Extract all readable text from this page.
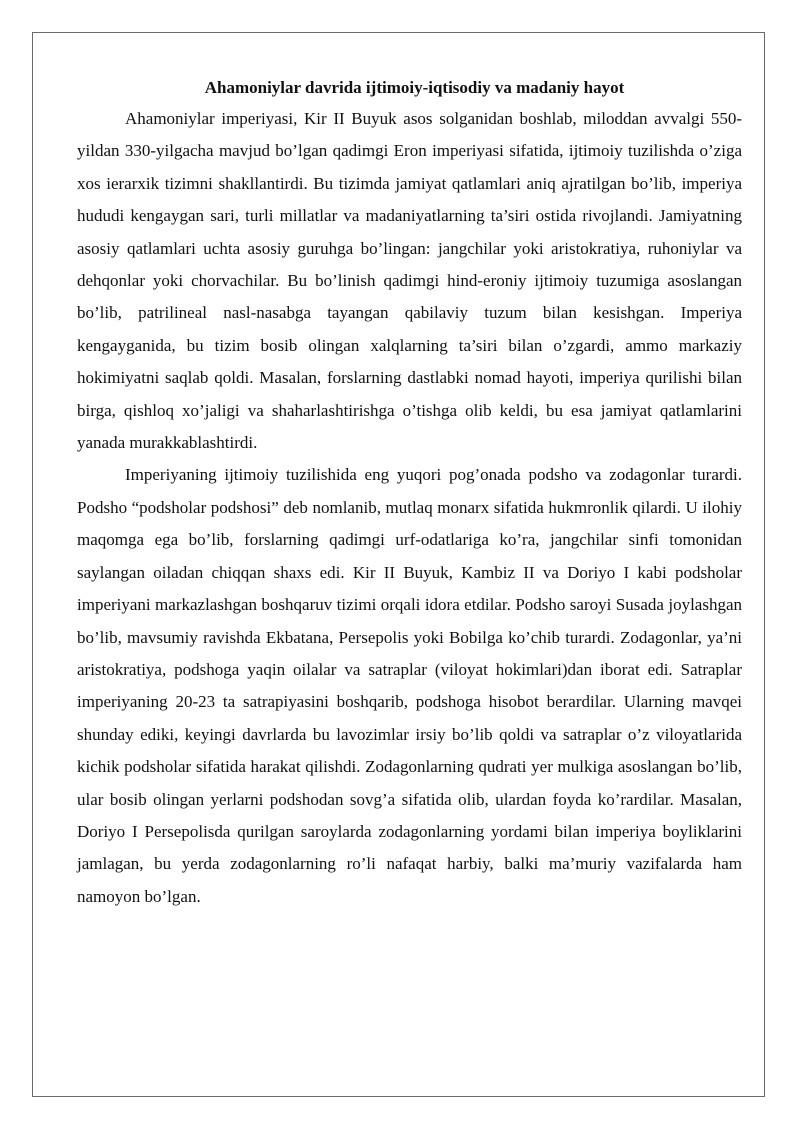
Ahamoniylar davrida ijtimoiy-iqtisodiy va madaniy hayot

Ahamoniylar imperiyasi, Kir II Buyuk asos solganidan boshlab, miloddan avvalgi 550-yildan 330-yilgacha mavjud bo’lgan qadimgi Eron imperiyasi sifatida, ijtimoiy tuzilishda o’ziga xos ierarxik tizimni shakllantirdi. Bu tizimda jamiyat qatlamlari aniq ajratilgan bo’lib, imperiya hududi kengaygan sari, turli millatlar va madaniyatlarning ta’siri ostida rivojlandi. Jamiyatning asosiy qatlamlari uchta asosiy guruhga bo’lingan: jangchilar yoki aristokratiya, ruhoniylar va dehqonlar yoki chorvachilar. Bu bo’linish qadimgi hind-eroniy ijtimoiy tuzumiga asoslangan bo’lib, patrilineal nasl-nasabga tayangan qabilaviy tuzum bilan kesishgan. Imperiya kengayganida, bu tizim bosib olingan xalqlarning ta’siri bilan o’zgardi, ammo markaziy hokimiyatni saqlab qoldi. Masalan, forslarning dastlabki nomad hayoti, imperiya qurilishi bilan birga, qishloq xo’jaligi va shaharlashtirishga o’tishga olib keldi, bu esa jamiyat qatlamlarini yanada murakkablashtirdi.

Imperiyaning ijtimoiy tuzilishida eng yuqori pog’onada podsho va zodagonlar turardi. Podsho “podsholar podshosi” deb nomlanib, mutlaq monarx sifatida hukmronlik qilardi. U ilohiy maqomga ega bo’lib, forslarning qadimgi urf-odatlariga ko’ra, jangchilar sinfi tomonidan saylangan oiladan chiqqan shaxs edi. Kir II Buyuk, Kambiz II va Doriyo I kabi podsholar imperiyani markazlashgan boshqaruv tizimi orqali idora etdilar. Podsho saroyi Susada joylashgan bo’lib, mavsumiy ravishda Ekbatana, Persepolis yoki Bobilga ko’chib turardi. Zodagonlar, ya’ni aristokratiya, podshoga yaqin oilalar va satraplar (viloyat hokimlari)dan iborat edi. Satraplar imperiyaning 20-23 ta satrapiyasini boshqarib, podshoga hisobot berardilar. Ularning mavqei shunday ediki, keyingi davrlarda bu lavozimlar irsiy bo’lib qoldi va satraplar o’z viloyatlarida kichik podsholar sifatida harakat qilishdi. Zodagonlarning qudrati yer mulkiga asoslangan bo’lib, ular bosib olingan yerlarni podshodan sovg’a sifatida olib, ulardan foyda ko’rardilar. Masalan, Doriyo I Persepolisda qurilgan saroylarda zodagonlarning yordami bilan imperiya boyliklarini jamlagan, bu yerda zodagonlarning ro’li nafaqat harbiy, balki ma’muriy vazifalarda ham namoyon bo’lgan.
